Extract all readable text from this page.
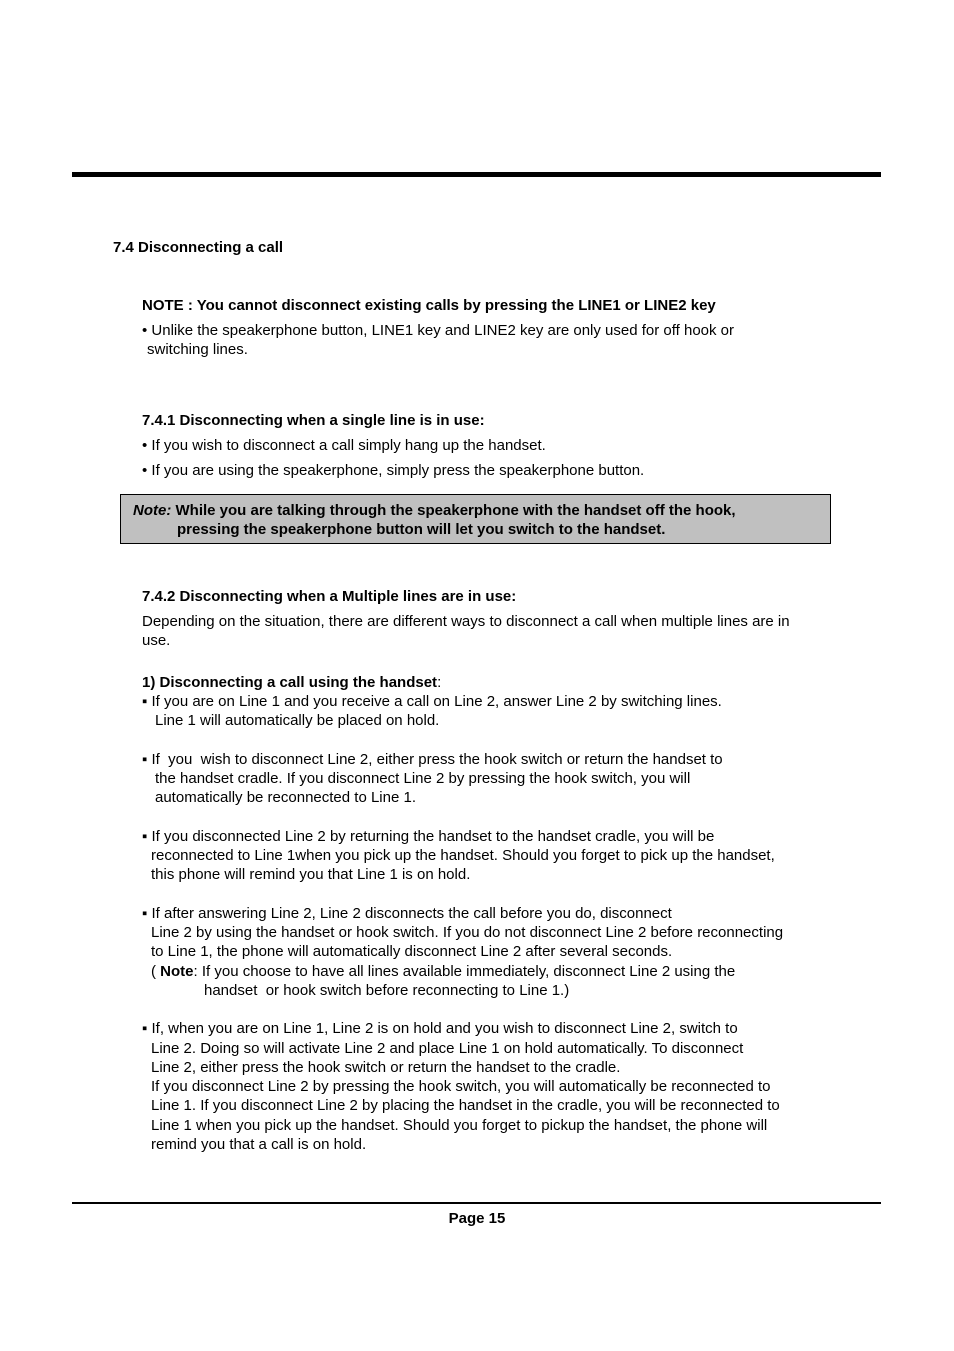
7.4 Disconnecting a call
NOTE : You cannot disconnect existing calls by pressing the LINE1 or LINE2 key
• Unlike the speakerphone button, LINE1 key and LINE2 key are only used for off hook or
switching lines.
7.4.1 Disconnecting when a single line is in use:
• If you wish to disconnect a call simply hang up the handset.
• If you are using the speakerphone, simply press the speakerphone button.
Note: While you are talking through the speakerphone with the handset off the hook,
pressing the speakerphone button will let you switch to the handset.
7.4.2 Disconnecting when a Multiple lines are in use:
Depending on the situation, there are different ways to disconnect a call when multiple lines are in
use.
1) Disconnecting a call using the handset:
▪ If you are on Line 1 and you receive a call on Line 2, answer Line 2 by switching lines.
Line 1 will automatically be placed on hold.
▪ If  you  wish to disconnect Line 2, either press the hook switch or return the handset to
the handset cradle. If you disconnect Line 2 by pressing the hook switch, you will
automatically be reconnected to Line 1.
▪ If you disconnected Line 2 by returning the handset to the handset cradle, you will be
reconnected to Line 1when you pick up the handset. Should you forget to pick up the handset,
this phone will remind you that Line 1 is on hold.
▪ If after answering Line 2, Line 2 disconnects the call before you do, disconnect
Line 2 by using the handset or hook switch. If you do not disconnect Line 2 before reconnecting
to Line 1, the phone will automatically disconnect Line 2 after several seconds.
( Note: If you choose to have all lines available immediately, disconnect Line 2 using the
handset  or hook switch before reconnecting to Line 1.)
▪ If, when you are on Line 1, Line 2 is on hold and you wish to disconnect Line 2, switch to
Line 2. Doing so will activate Line 2 and place Line 1 on hold automatically. To disconnect
Line 2, either press the hook switch or return the handset to the cradle.
If you disconnect Line 2 by pressing the hook switch, you will automatically be reconnected to
Line 1. If you disconnect Line 2 by placing the handset in the cradle, you will be reconnected to
Line 1 when you pick up the handset. Should you forget to pickup the handset, the phone will
remind you that a call is on hold.
Page 15
